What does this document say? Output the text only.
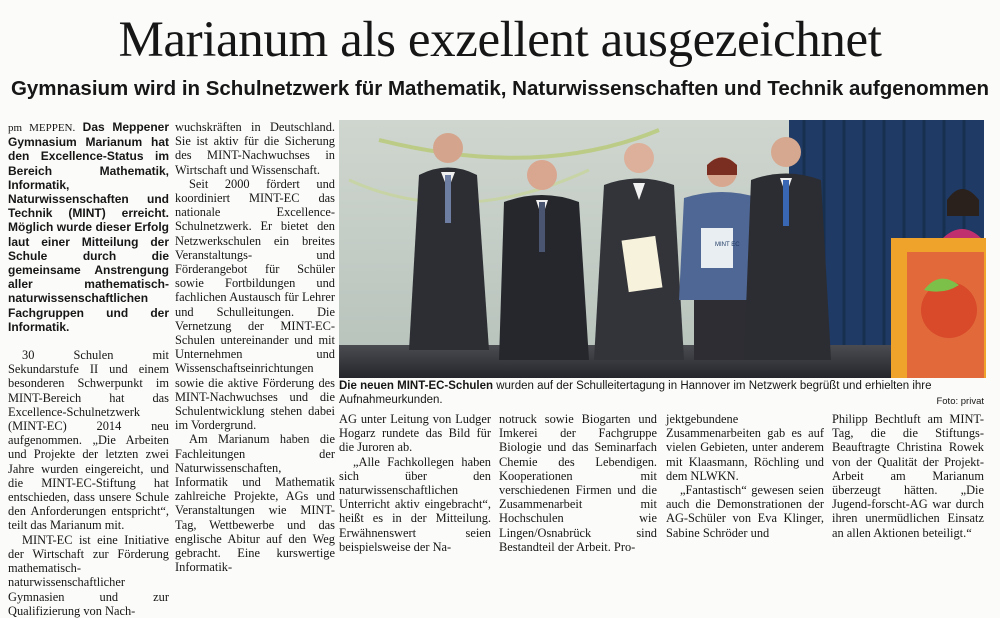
Marianum als exzellent ausgezeichnet
Gymnasium wird in Schulnetzwerk für Mathematik, Naturwissenschaften und Technik aufgenommen

pm MEPPEN. Das Meppener Gymnasium Marianum hat den Excellence-Status im Bereich Mathematik, Informatik, Naturwissenschaften und Technik (MINT) erreicht. Möglich wurde dieser Erfolg laut einer Mitteilung der Schule durch die gemeinsame Anstrengung aller mathematisch-naturwissenschaftlichen Fachgruppen und der Informatik.

30 Schulen mit Sekundarstufe II und einem besonderen Schwerpunkt im MINT-Bereich hat das Excellence-Schulnetzwerk (MINT-EC) 2014 neu aufgenommen. „Die Arbeiten und Projekte der letzten zwei Jahre wurden eingereicht, und die MINT-EC-Stiftung hat entschieden, dass unsere Schule den Anforderungen entspricht“, teilt das Marianum mit.

MINT-EC ist eine Initiative der Wirtschaft zur Förderung mathematisch-naturwissenschaftlicher Gymnasien und zur Qualifizierung von Nach-

wuchskräften in Deutschland. Sie ist aktiv für die Sicherung des MINT-Nachwuchses in Wirtschaft und Wissenschaft.

Seit 2000 fördert und koordiniert MINT-EC das nationale Excellence-Schulnetzwerk. Er bietet den Netzwerkschulen ein breites Veranstaltungs- und Förderangebot für Schüler sowie Fortbildungen und fachlichen Austausch für Lehrer und Schulleitungen. Die Vernetzung der MINT-EC-Schulen untereinander und mit Unternehmen und Wissenschaftseinrichtungen sowie die aktive Förderung des MINT-Nachwuchses und die Schulentwicklung stehen dabei im Vordergrund.

Am Marianum haben die Fachleitungen der Naturwissenschaften, Informatik und Mathematik zahlreiche Projekte, AGs und Veranstaltungen wie MINT-Tag, Wettbewerbe und das englische Abitur auf den Weg gebracht. Eine kurswertige Informatik-

MINT EC
Die neuen MINT-EC-Schulen wurden auf der Schulleitertagung in Hannover im Netzwerk begrüßt und erhielten ihre Aufnahmeurkunden.	Foto: privat

AG unter Leitung von Ludger Hogarz rundete das Bild für die Juroren ab.

„Alle Fachkollegen haben sich über den naturwissenschaftlichen Unterricht aktiv eingebracht“, heißt es in der Mitteilung. Erwähnenswert seien beispielsweise der Na-

notruck sowie Biogarten und Imkerei der Fachgruppe Biologie und das Seminarfach Chemie des Lebendigen. Kooperationen mit verschiedenen Firmen und die Zusammenarbeit mit Hochschulen wie Lingen/Osnabrück sind Bestandteil der Arbeit. Pro-

jektgebundene Zusammenarbeiten gab es auf vielen Gebieten, unter anderem mit Klaasmann, Röchling und dem NLWKN.

„Fantastisch“ gewesen seien auch die Demonstrationen der AG-Schüler von Eva Klinger, Sabine Schröder und

Philipp Bechtluft am MINT-Tag, die die Stiftungs-Beauftragte Christina Rowek von der Qualität der Projekt-Arbeit am Marianum überzeugt hätten. „Die Jugend-forscht-AG war durch ihren unermüdlichen Einsatz an allen Aktionen beteiligt.“
